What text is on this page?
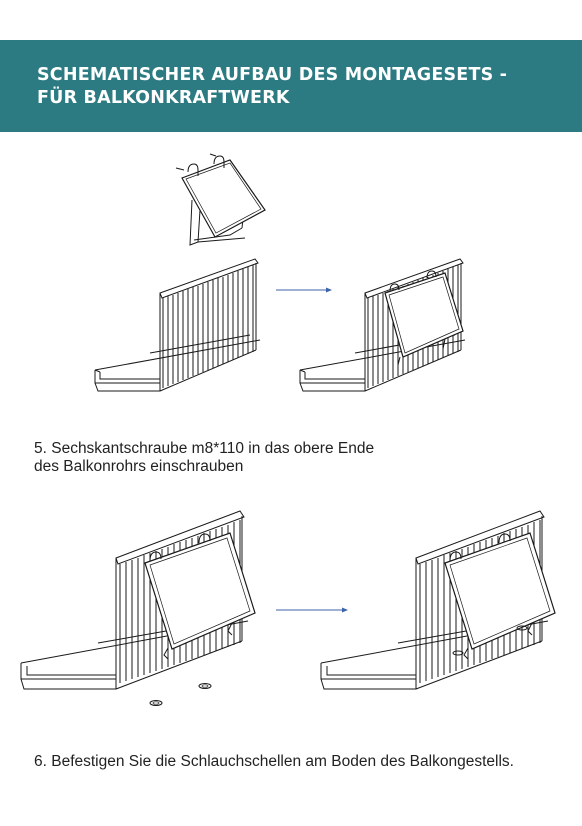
SCHEMATISCHER AUFBAU DES MONTAGESETS -
FÜR BALKONKRAFTWERK
5. Sechskantschraube m8*110 in das obere Ende
des Balkonrohrs einschrauben
6. Befestigen Sie die Schlauchschellen am Boden des Balkongestells.
